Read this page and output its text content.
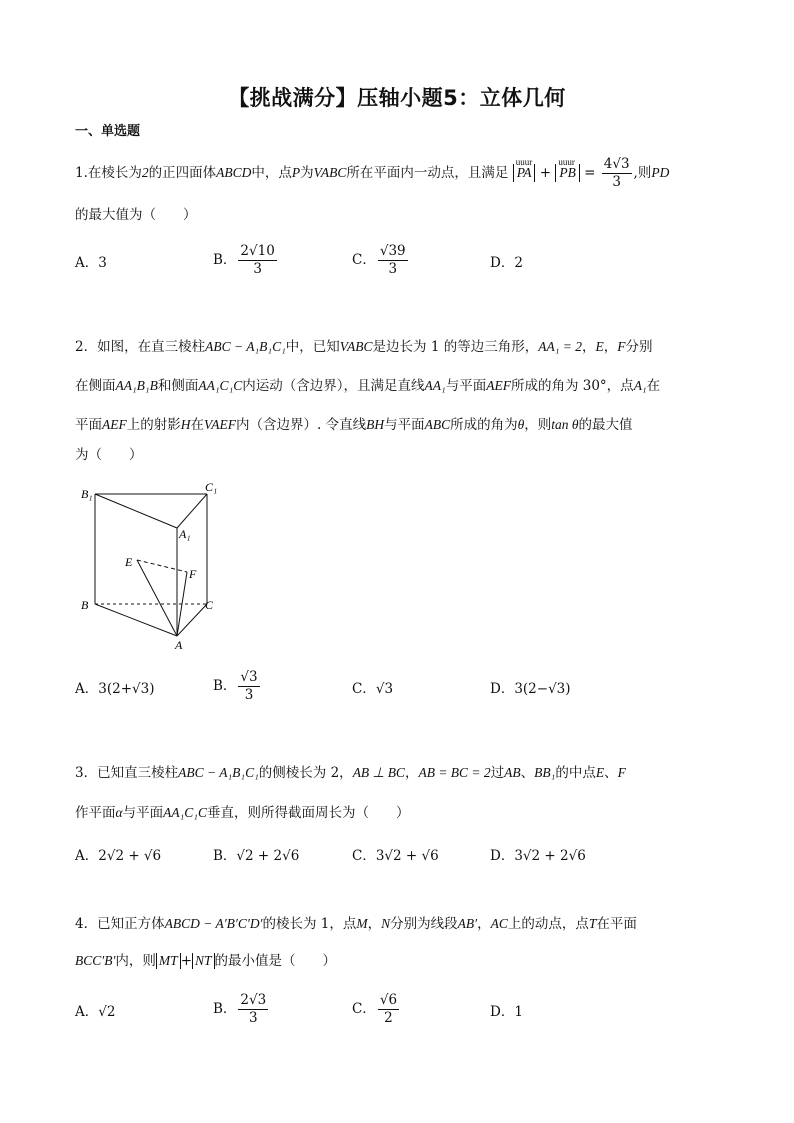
【挑战满分】压轴小题5：立体几何
一、单选题
1.在棱长为2的正四面体ABCD中，点P为VABC所在平面内一动点，且满足
uuur
PA +
uuur
PB = $\frac{4√3}{3}$ ,则PD
的最大值为（　　）
A．3	B． $\frac{2√10}{3}$	C． $\frac{√39}{3}$	D．2
2．如图，在直三棱柱ABC − A₁B₁C₁中，已知VABC是边长为 1 的等边三角形，AA₁ = 2，E，F分别
在侧面AA₁B₁B和侧面AA₁C₁C内运动（含边界），且满足直线AA₁与平面AEF所成的角为 30°，点A₁在
平面AEF上的射影H在VAEF内（含边界）. 令直线BH与平面ABC所成的角为θ，则tan θ的最大值
为（　　）
B₁	C₁
A₁
E
F
B	C
A
A．3(2+√3)	B． $\frac{√3}{3}$	C．√3	D．3(2−√3)
3．已知直三棱柱ABC − A₁B₁C₁的侧棱长为 2，AB ⊥ BC，AB = BC = 2过AB、BB₁的中点E、F
作平面α与平面AA₁C₁C垂直，则所得截面周长为（　　）
A．2√2 + √6	B．√2 + 2√6	C．3√2 + √6	D．3√2 + 2√6
4．已知正方体ABCD − A′B′C′D′的棱长为 1，点M，N分别为线段AB′，AC上的动点，点T在平面
BCC′B′内，则 MT + NT 的最小值是（　　）
A．√2	B． $\frac{2√3}{3}$	C． $\frac{√6}{2}$	D．1
